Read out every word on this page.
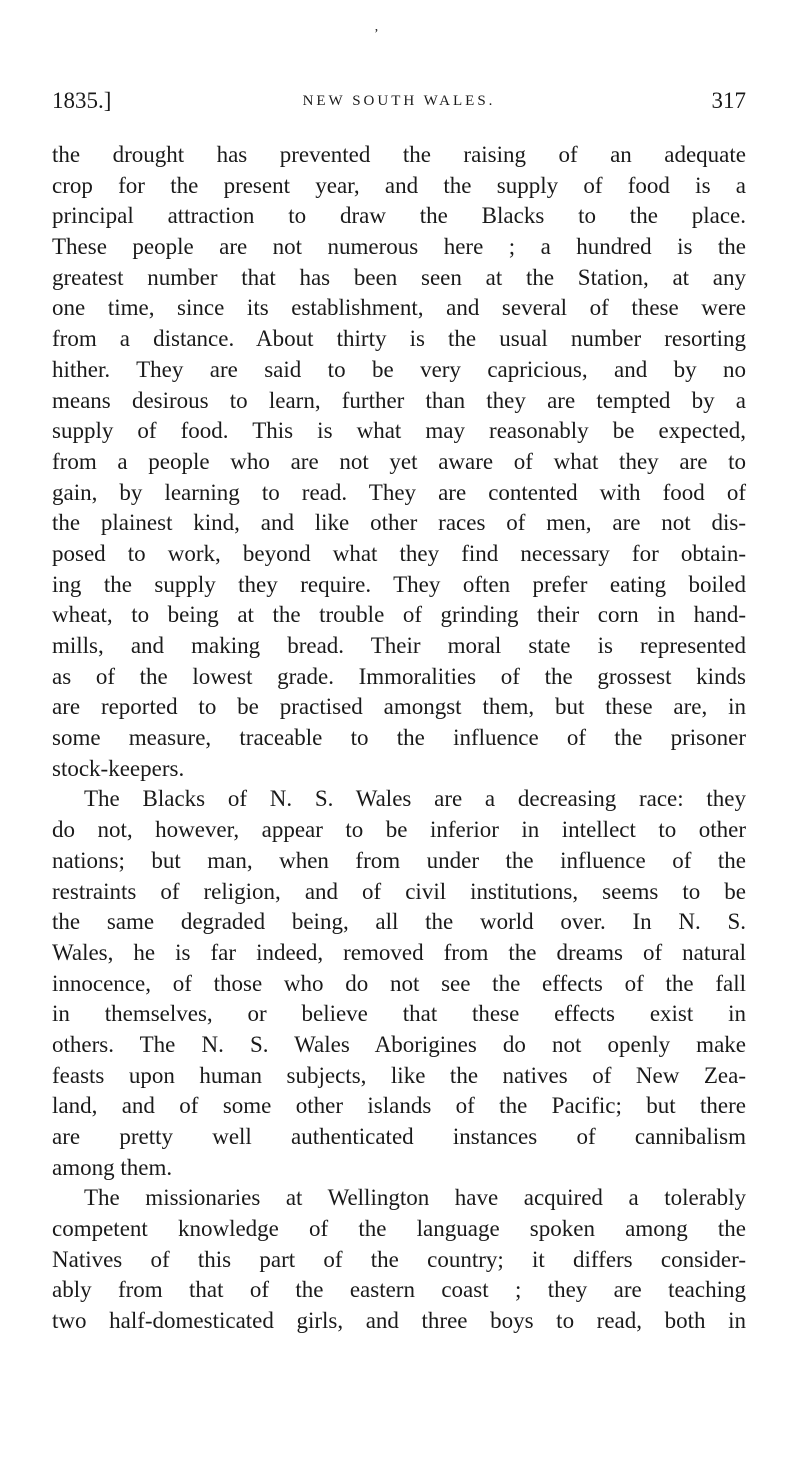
ʼ
1835.]	NEW SOUTH WALES.	317
the drought has prevented the raising of an adequate
crop for the present year, and the supply of food is a
principal attraction to draw the Blacks to the place.
These people are not numerous here ; a hundred is the
greatest number that has been seen at the Station, at any
one time, since its establishment, and several of these were
from a distance. About thirty is the usual number resorting
hither. They are said to be very capricious, and by no
means desirous to learn, further than they are tempted by a
supply of food. This is what may reasonably be expected,
from a people who are not yet aware of what they are to
gain, by learning to read. They are contented with food of
the plainest kind, and like other races of men, are not dis-
posed to work, beyond what they find necessary for obtain-
ing the supply they require. They often prefer eating boiled
wheat, to being at the trouble of grinding their corn in hand-
mills, and making bread. Their moral state is represented
as of the lowest grade. Immoralities of the grossest kinds
are reported to be practised amongst them, but these are, in
some measure, traceable to the influence of the prisoner
stock-keepers.
The Blacks of N. S. Wales are a decreasing race: they
do not, however, appear to be inferior in intellect to other
nations; but man, when from under the influence of the
restraints of religion, and of civil institutions, seems to be
the same degraded being, all the world over. In N. S.
Wales, he is far indeed, removed from the dreams of natural
innocence, of those who do not see the effects of the fall
in themselves, or believe that these effects exist in
others. The N. S. Wales Aborigines do not openly make
feasts upon human subjects, like the natives of New Zea-
land, and of some other islands of the Pacific; but there
are pretty well authenticated instances of cannibalism
among them.
The missionaries at Wellington have acquired a tolerably
competent knowledge of the language spoken among the
Natives of this part of the country; it differs consider-
ably from that of the eastern coast ; they are teaching
two half-domesticated girls, and three boys to read, both in
